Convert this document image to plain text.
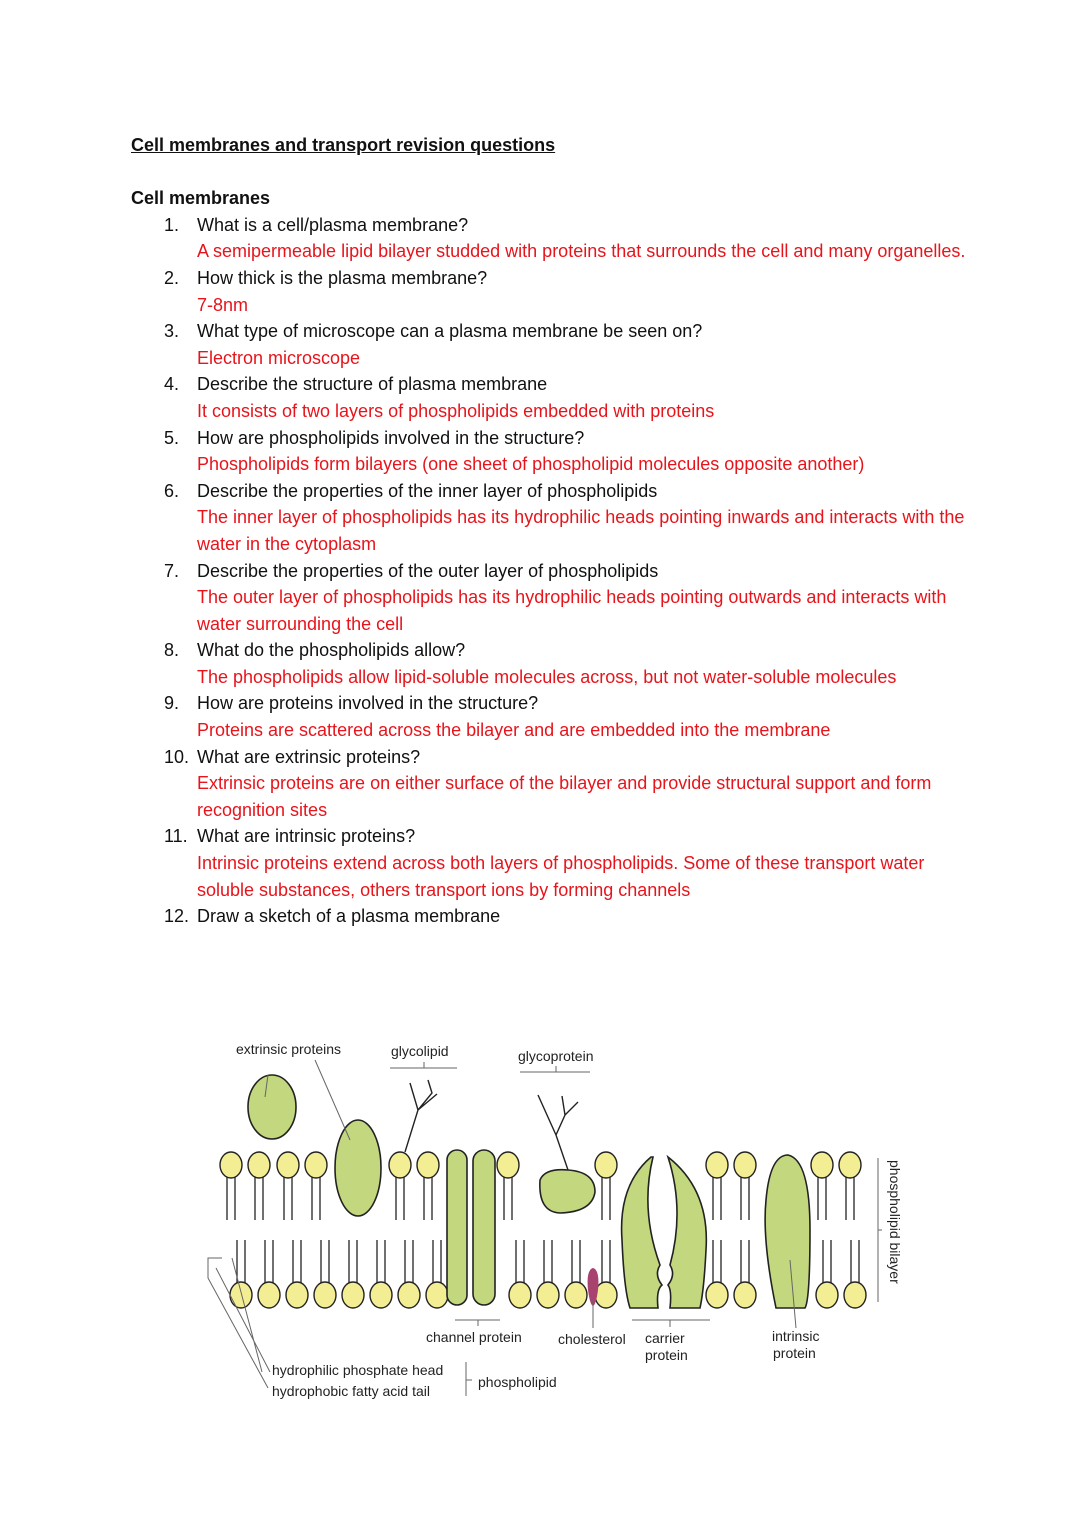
Cell membranes and transport revision questions
Cell membranes
1. What is a cell/plasma membrane?
A semipermeable lipid bilayer studded with proteins that surrounds the cell and many organelles.
2. How thick is the plasma membrane?
7-8nm
3. What type of microscope can a plasma membrane be seen on?
Electron microscope
4. Describe the structure of plasma membrane
It consists of two layers of phospholipids embedded with proteins
5. How are phospholipids involved in the structure?
Phospholipids form bilayers (one sheet of phospholipid molecules opposite another)
6. Describe the properties of the inner layer of phospholipids
The inner layer of phospholipids has its hydrophilic heads pointing inwards and interacts with the water in the cytoplasm
7. Describe the properties of the outer layer of phospholipids
The outer layer of phospholipids has its hydrophilic heads pointing outwards and interacts with water surrounding the cell
8. What do the phospholipids allow?
The phospholipids allow lipid-soluble molecules across, but not water-soluble molecules
9. How are proteins involved in the structure?
Proteins are scattered across the bilayer and are embedded into the membrane
10. What are extrinsic proteins?
Extrinsic proteins are on either surface of the bilayer and provide structural support and form recognition sites
11. What are intrinsic proteins?
Intrinsic proteins extend across both layers of phospholipids. Some of these transport water soluble substances, others transport ions by forming channels
12. Draw a sketch of a plasma membrane
extrinsic proteins	glycolipid	glycoprotein
phospholipid bilayer
channel protein	cholesterol carrier
protein
intrinsic
protein
hydrophilic phosphate head
hydrophobic fatty acid tail
phospholipid
